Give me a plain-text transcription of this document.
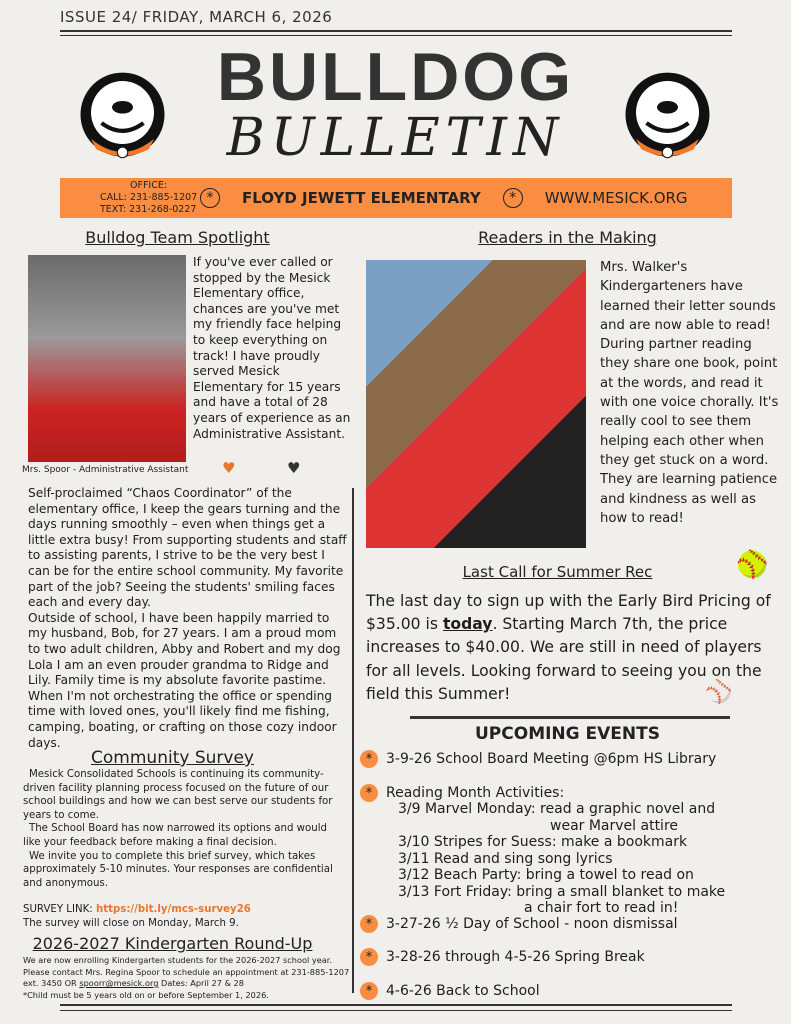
ISSUE 24/ FRIDAY, MARCH 6, 2026
BULLDOG
BULLETIN
OFFICE:
CALL: 231-885-1207
TEXT: 231-268-0227
*	FLOYD JEWETT ELEMENTARY	*	WWW.MESICK.ORG
Bulldog Team Spotlight
If you've ever called or stopped by the Mesick Elementary office, chances are you've met my friendly face helping to keep everything on track! I have proudly served Mesick Elementary for 15 years and have a total of 28 years of experience as an Administrative Assistant.
Mrs. Spoor - Administrative Assistant ♥	♥
Self-proclaimed “Chaos Coordinator” of the elementary office, I keep the gears turning and the days running smoothly – even when things get a little extra busy! From supporting students and staff to assisting parents, I strive to be the very best I can be for the entire school community. My favorite part of the job? Seeing the students' smiling faces each and every day.
Outside of school, I have been happily married to my husband, Bob, for 27 years. I am a proud mom to two adult children, Abby and Robert and my dog Lola I am an even prouder grandma to Ridge and Lily. Family time is my absolute favorite pastime.
When I'm not orchestrating the office or spending time with loved ones, you'll likely find me fishing, camping, boating, or crafting on those cozy indoor days.
Community Survey
Mesick Consolidated Schools is continuing its community-driven facility planning process focused on the future of our school buildings and how we can best serve our students for years to come.
The School Board has now narrowed its options and would like your feedback before making a final decision.
We invite you to complete this brief survey, which takes approximately 5-10 minutes. Your responses are confidential and anonymous.
SURVEY LINK: https://bit.ly/mcs-survey26
The survey will close on Monday, March 9.
2026-2027 Kindergarten Round-Up
We are now enrolling Kindergarten students for the 2026-2027 school year. Please contact Mrs. Regina Spoor to schedule an appointment at 231-885-1207 ext. 3450 OR spoorr@mesick.org Dates: April 27 & 28
*Child must be 5 years old on or before September 1, 2026.
Readers in the Making
Mrs. Walker's Kindergarteners have learned their letter sounds and are now able to read! During partner reading they share one book, point at the words, and read it with one voice chorally. It's really cool to see them helping each other when they get stuck on a word. They are learning patience and kindness as well as how to read!
Last Call for Summer Rec	🥎
The last day to sign up with the Early Bird Pricing of $35.00 is today. Starting March 7th, the price increases to $40.00. We are still in need of players for all levels. Looking forward to seeing you on the field this Summer!	⚾
UPCOMING EVENTS
* 3-9-26 School Board Meeting @6pm HS Library
* Reading Month Activities:
3/9 Marvel Monday: read a graphic novel and
wear Marvel attire
3/10 Stripes for Suess: make a bookmark
3/11 Read and sing song lyrics
3/12 Beach Party: bring a towel to read on
3/13 Fort Friday: bring a small blanket to make
a chair fort to read in!
* 3-27-26 ½ Day of School - noon dismissal
* 3-28-26 through 4-5-26 Spring Break
* 4-6-26 Back to School
